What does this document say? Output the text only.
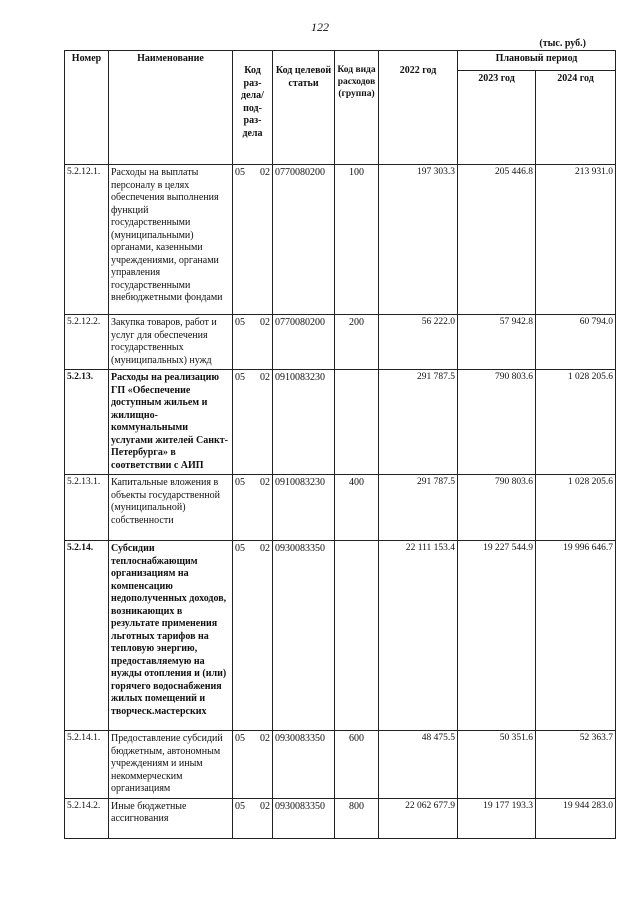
122
(тыс. руб.)
Номер	Наименование	Код раз-дела/ под-раз-дела	Код целевой статьи	Код вида расходов (группа)	2022 год	Плановый период	
						2023 год	2024 год
5.2.12.1.	Расходы на выплаты персоналу в целях обеспечения выполнения функций государственными (муниципальными) органами, казенными учреждениями, органами управления государственными внебюджетными фондами	05 02	0770080200	100	197 303.3	205 446.8	213 931.0
5.2.12.2.	Закупка товаров, работ и услуг для обеспечения государственных (муниципальных) нужд	05 02	0770080200	200	56 222.0	57 942.8	60 794.0
5.2.13.	Расходы на реализацию ГП «Обеспечение доступным жильем и жилищно-коммунальными услугами жителей Санкт-Петербурга» в соответствии с АИП	05 02	0910083230		291 787.5	790 803.6	1 028 205.6
5.2.13.1.	Капитальные вложения в объекты государственной (муниципальной) собственности	05 02	0910083230	400	291 787.5	790 803.6	1 028 205.6
5.2.14.	Субсидии теплоснабжающим организациям на компенсацию недополученных доходов, возникающих в результате применения льготных тарифов на тепловую энергию, предоставляемую на нужды отопления и (или) горячего водоснабжения жилых помещений и творческ.мастерских	05 02	0930083350		22 111 153.4	19 227 544.9	19 996 646.7
5.2.14.1.	Предоставление субсидий бюджетным, автономным учреждениям и иным некоммерческим организациям	05 02	0930083350	600	48 475.5	50 351.6	52 363.7
5.2.14.2.	Иные бюджетные ассигнования	05 02	0930083350	800	22 062 677.9	19 177 193.3	19 944 283.0
